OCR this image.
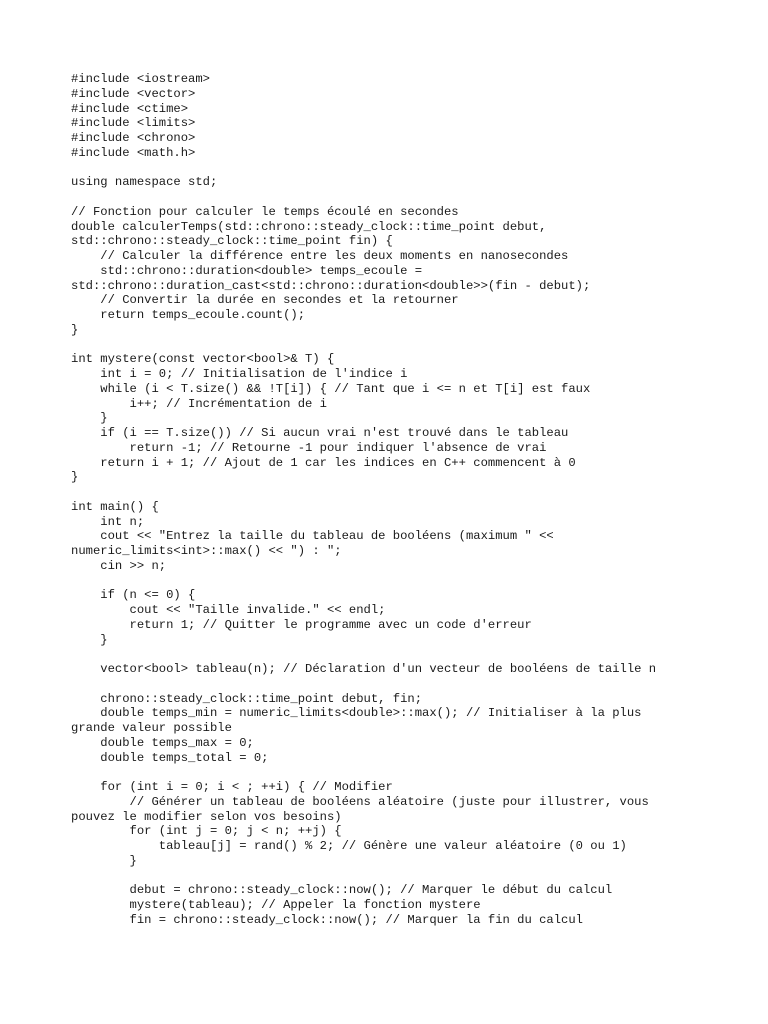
#include <iostream>
#include <vector>
#include <ctime>
#include <limits>
#include <chrono>
#include <math.h>

using namespace std;

// Fonction pour calculer le temps écoulé en secondes
double calculerTemps(std::chrono::steady_clock::time_point debut,
std::chrono::steady_clock::time_point fin) {
// Calculer la différence entre les deux moments en nanosecondes
std::chrono::duration<double> temps_ecoule =
std::chrono::duration_cast<std::chrono::duration<double>>(fin - debut);
// Convertir la durée en secondes et la retourner
return temps_ecoule.count();
}

int mystere(const vector<bool>& T) {
int i = 0; // Initialisation de l'indice i
while (i < T.size() && !T[i]) { // Tant que i <= n et T[i] est faux
i++; // Incrémentation de i
}
if (i == T.size()) // Si aucun vrai n'est trouvé dans le tableau
return -1; // Retourne -1 pour indiquer l'absence de vrai
return i + 1; // Ajout de 1 car les indices en C++ commencent à 0
}

int main() {
int n;
cout << "Entrez la taille du tableau de booléens (maximum " <<
numeric_limits<int>::max() << ") : ";
cin >> n;

if (n <= 0) {
cout << "Taille invalide." << endl;
return 1; // Quitter le programme avec un code d'erreur
}

vector<bool> tableau(n); // Déclaration d'un vecteur de booléens de taille n

chrono::steady_clock::time_point debut, fin;
double temps_min = numeric_limits<double>::max(); // Initialiser à la plus
grande valeur possible
double temps_max = 0;
double temps_total = 0;

for (int i = 0; i < ; ++i) { // Modifier
// Générer un tableau de booléens aléatoire (juste pour illustrer, vous
pouvez le modifier selon vos besoins)
for (int j = 0; j < n; ++j) {
tableau[j] = rand() % 2; // Génère une valeur aléatoire (0 ou 1)
}

debut = chrono::steady_clock::now(); // Marquer le début du calcul
mystere(tableau); // Appeler la fonction mystere
fin = chrono::steady_clock::now(); // Marquer la fin du calcul
